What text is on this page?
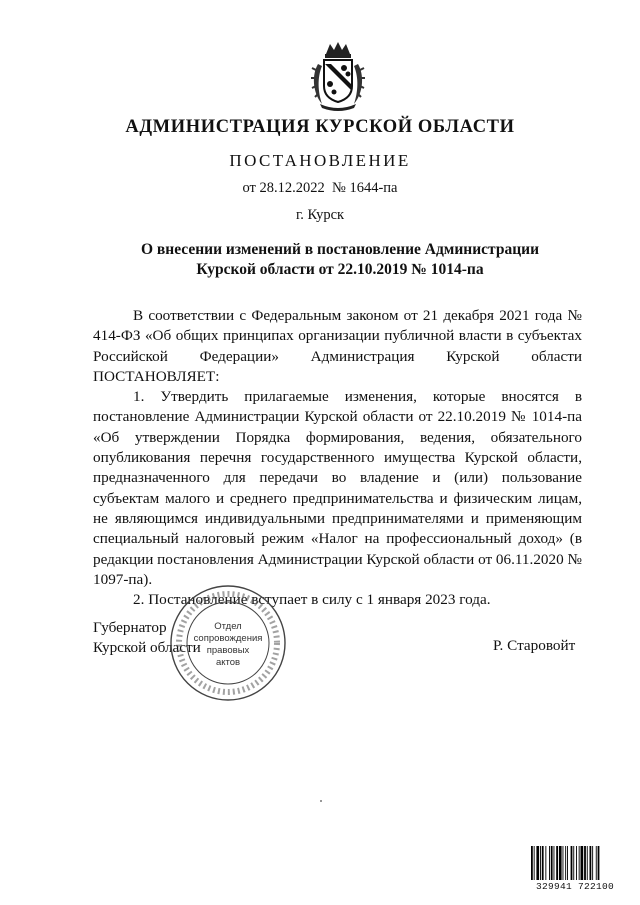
АДМИНИСТРАЦИЯ КУРСКОЙ ОБЛАСТИ
ПОСТАНОВЛЕНИЕ
от 28.12.2022  № 1644-па
г. Курск
О внесении изменений в постановление Администрации
Курской области от 22.10.2019 № 1014-па

В соответствии с Федеральным законом от 21 декабря 2021 года № 414-ФЗ «Об общих принципах организации публичной власти в субъектах Российской Федерации» Администрация Курской области ПОСТАНОВЛЯЕТ:

1. Утвердить прилагаемые изменения, которые вносятся в постановление Администрации Курской области от 22.10.2019 № 1014-па «Об утверждении Порядка формирования, ведения, обязательного опубликования перечня государственного имущества Курской области, предназначенного для передачи во владение и (или) пользование субъектам малого и среднего предпринимательства и физическим лицам, не являющимся индивидуальными предпринимателями и применяющим специальный налоговый режим «Налог на профессиональный доход» (в редакции постановления Администрации Курской области от 06.11.2020 № 1097-па).

2. Постановление вступает в силу с 1 января 2023 года.

Губернатор
Курской области	Р. Старовойт
Отдел
сопровождения
правовых
актов
329941 722100
